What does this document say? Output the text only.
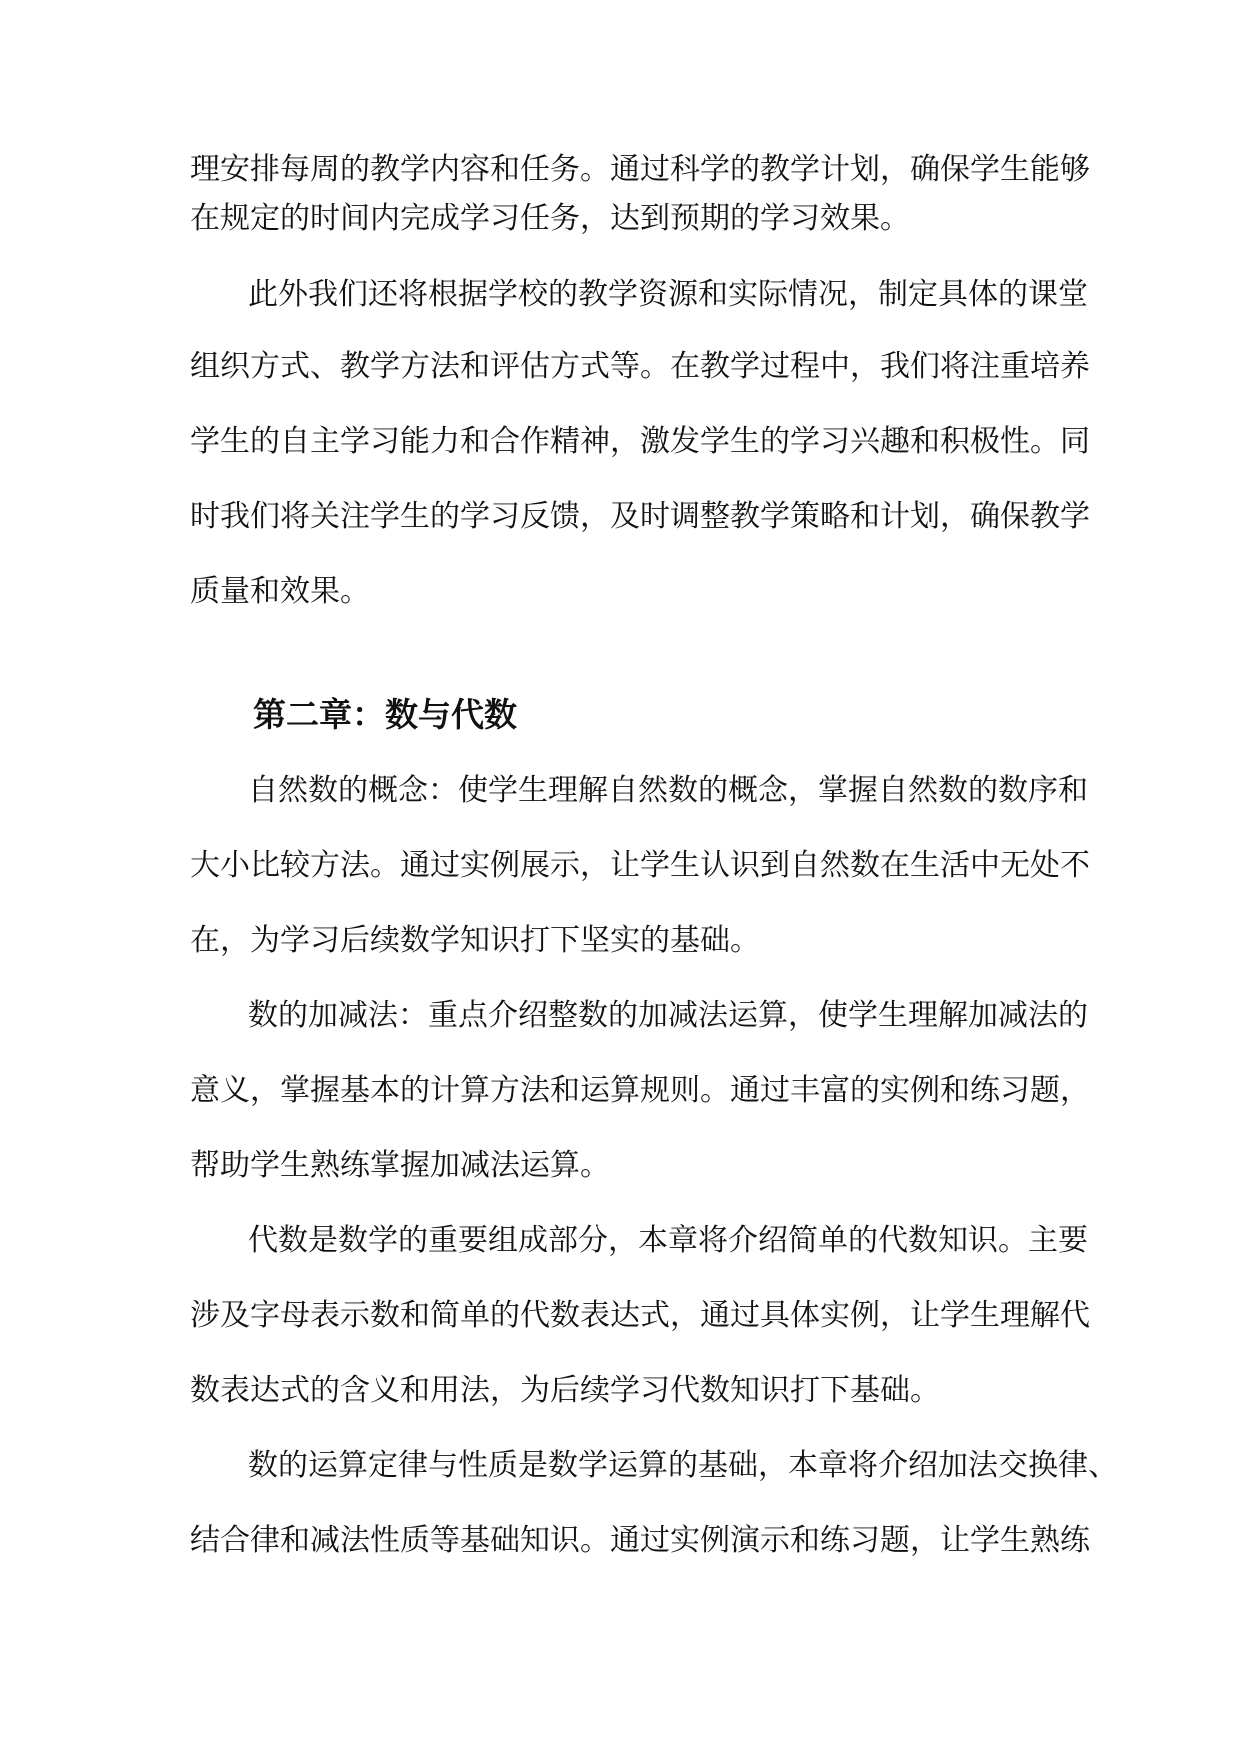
理安排每周的教学内容和任务。通过科学的教学计划，确保学生能够
在规定的时间内完成学习任务，达到预期的学习效果。
此外我们还将根据学校的教学资源和实际情况，制定具体的课堂
组织方式、教学方法和评估方式等。在教学过程中，我们将注重培养
学生的自主学习能力和合作精神，激发学生的学习兴趣和积极性。同
时我们将关注学生的学习反馈，及时调整教学策略和计划，确保教学
质量和效果。
第二章：数与代数
自然数的概念：使学生理解自然数的概念，掌握自然数的数序和
大小比较方法。通过实例展示，让学生认识到自然数在生活中无处不
在，为学习后续数学知识打下坚实的基础。
数的加减法：重点介绍整数的加减法运算，使学生理解加减法的
意义，掌握基本的计算方法和运算规则。通过丰富的实例和练习题，
帮助学生熟练掌握加减法运算。
代数是数学的重要组成部分，本章将介绍简单的代数知识。主要
涉及字母表示数和简单的代数表达式，通过具体实例，让学生理解代
数表达式的含义和用法，为后续学习代数知识打下基础。
数的运算定律与性质是数学运算的基础，本章将介绍加法交换律、
结合律和减法性质等基础知识。通过实例演示和练习题，让学生熟练
